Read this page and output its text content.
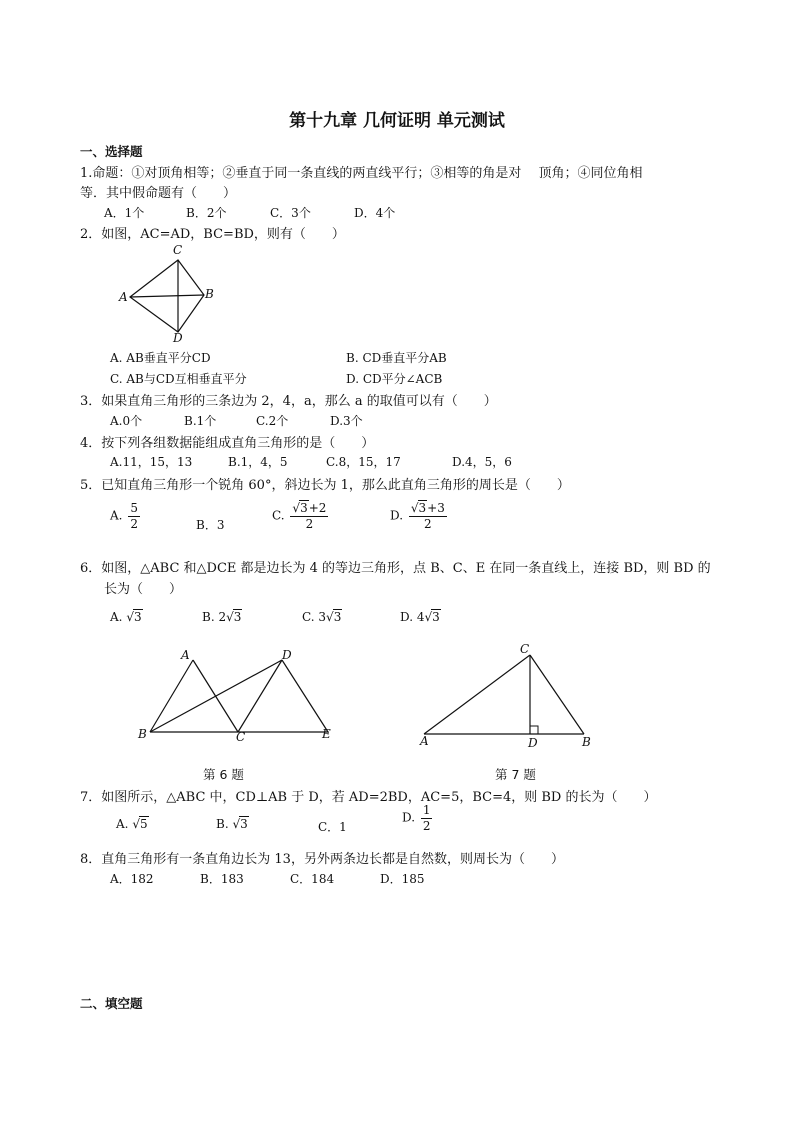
第十九章 几何证明 单元测试
一、选择题
1.命题：①对顶角相等；②垂直于同一条直线的两直线平行；③相等的角是对　 顶角；④同位角相
等．其中假命题有（　　）
A．1个	B．2个	C．3个	D．4个
2．如图，AC=AD，BC=BD，则有（　　）
C
A	B
D
A. AB垂直平分CD	B. CD垂直平分AB
C. AB与CD互相垂直平分	D. CD平分∠ACB
3．如果直角三角形的三条边为 2，4，a，那么 a 的取值可以有（　　）
A.0个	B.1个	C.2个	D.3个
4．按下列各组数据能组成直角三角形的是（　　）
A.11，15，13	B.1，4，5	C.8，15，17	D.4，5，6
5．已知直角三角形一个锐角 60°，斜边长为 1，那么此直角三角形的周长是（　　）
A. $\frac{5}{2}$	B．3
C. $\frac{√3+2}{2}$	D. $\frac{√3+3}{2}$
6．如图，△ABC 和△DCE 都是边长为 4 的等边三角形，点 B、C、E 在同一条直线上，连接 BD，则 BD 的
长为（　　）
A. √3	B. 2√3	C. 3√3	D. 4√3
A	D
B	C	E
第 6 题
C
A	D	B
第 7 题
7．如图所示，△ABC 中，CD⊥AB 于 D，若 AD=2BD，AC=5，BC=4，则 BD 的长为（　　）
A. √5	B. √3	C．1
D. $\frac{1}{2}$
8．直角三角形有一条直角边长为 13，另外两条边长都是自然数，则周长为（　　）
A．182	B．183	C．184	D．185
二、填空题
